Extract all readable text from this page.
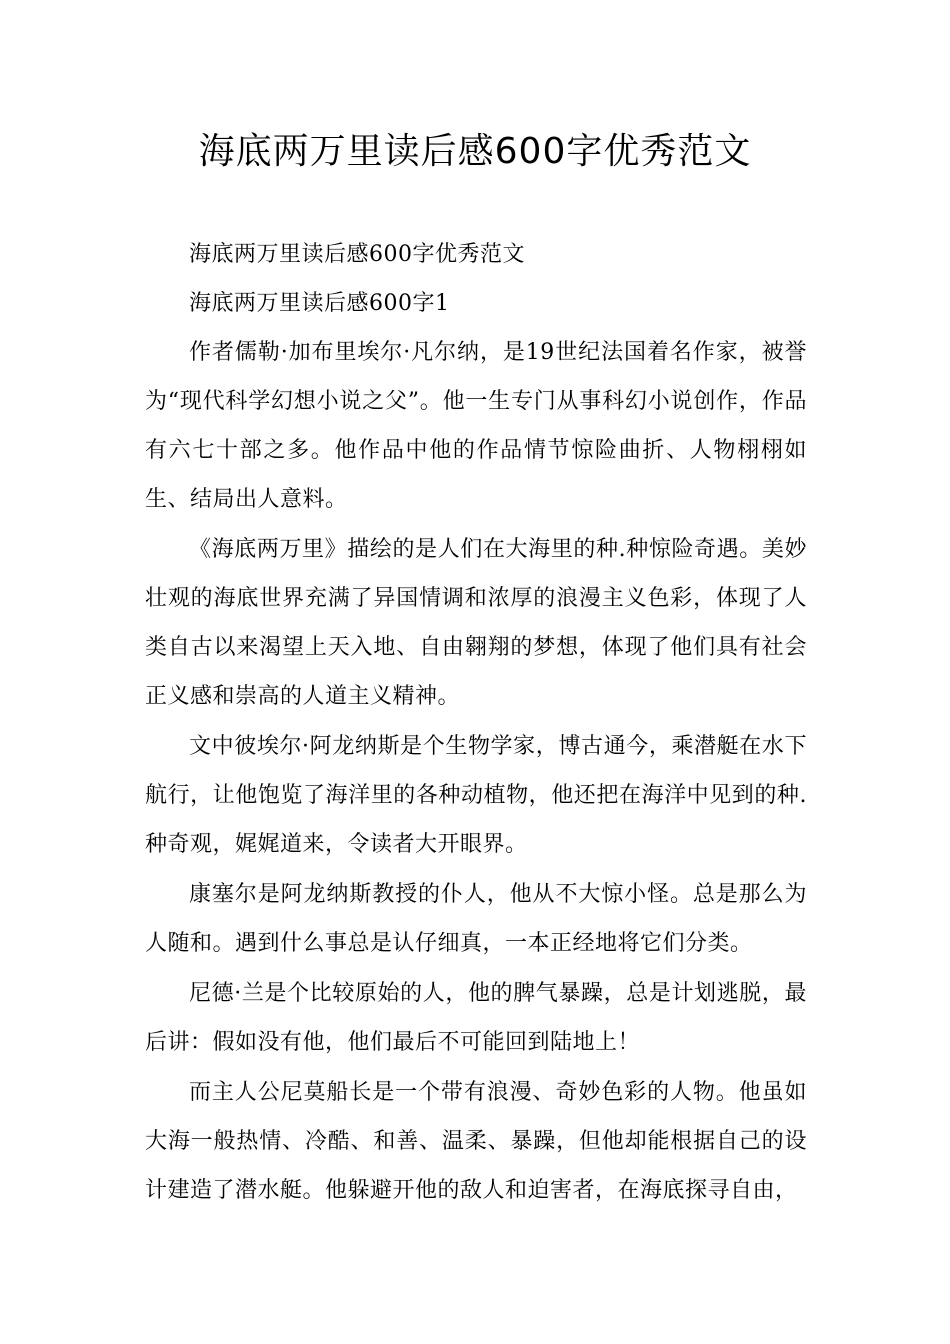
海底两万里读后感600字优秀范文

海底两万里读后感600字优秀范文

海底两万里读后感600字1

作者儒勒·加布里埃尔·凡尔纳，是19世纪法国着名作家，被誉为“现代科学幻想小说之父”。他一生专门从事科幻小说创作，作品有六七十部之多。他作品中他的作品情节惊险曲折、人物栩栩如生、结局出人意料。

《海底两万里》描绘的是人们在大海里的种.种惊险奇遇。美妙壮观的海底世界充满了异国情调和浓厚的浪漫主义色彩，体现了人类自古以来渴望上天入地、自由翱翔的梦想，体现了他们具有社会正义感和崇高的人道主义精神。

文中彼埃尔·阿龙纳斯是个生物学家，博古通今，乘潜艇在水下航行，让他饱览了海洋里的各种动植物，他还把在海洋中见到的种.种奇观，娓娓道来，令读者大开眼界。

康塞尔是阿龙纳斯教授的仆人，他从不大惊小怪。总是那么为人随和。遇到什么事总是认仔细真，一本正经地将它们分类。

尼德·兰是个比较原始的人，他的脾气暴躁，总是计划逃脱，最后讲：假如没有他，他们最后不可能回到陆地上！

而主人公尼莫船长是一个带有浪漫、奇妙色彩的人物。他虽如大海一般热情、冷酷、和善、温柔、暴躁，但他却能根据自己的设计建造了潜水艇。他躲避开他的敌人和迫害者，在海底探寻自由，
